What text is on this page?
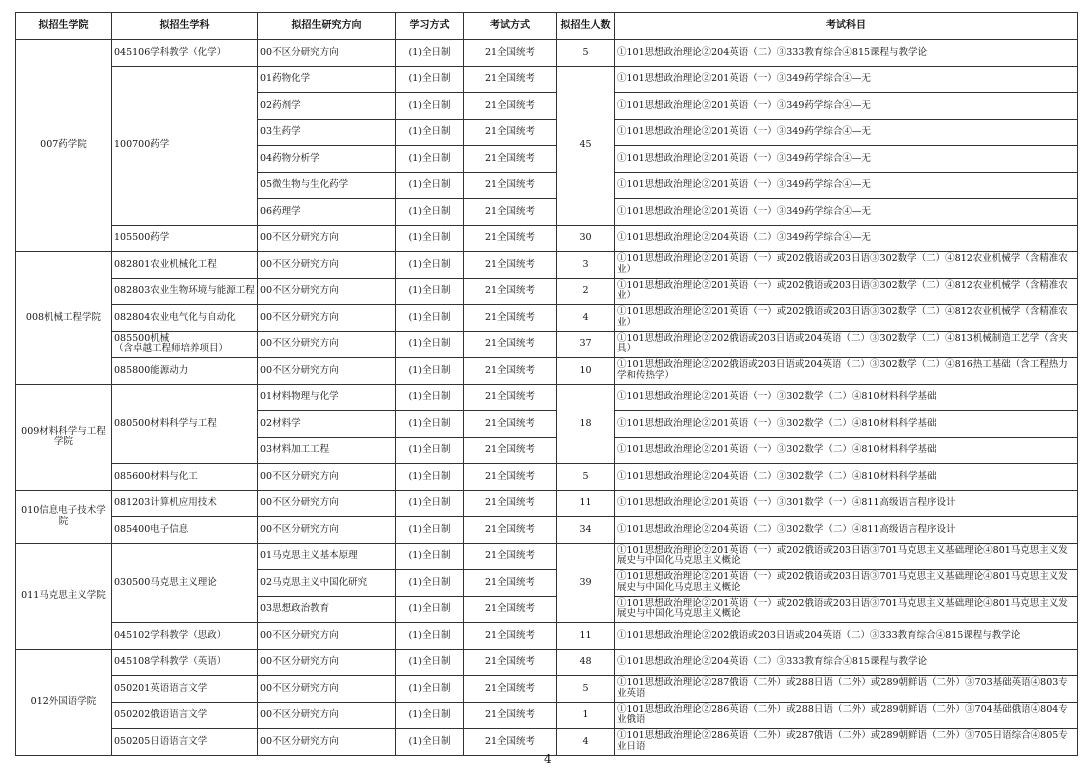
拟招生学院	拟招生学科	拟招生研究方向	学习方式	考试方式	拟招生人数	考试科目
007药学院	045106学科教学（化学）	00不区分研究方向	(1)全日制	21全国统考	5	①101思想政治理论②204英语（二）③333教育综合④815课程与教学论
	100700药学	01药物化学	(1)全日制	21全国统考	45	①101思想政治理论②201英语（一）③349药学综合④—无
		02药剂学	(1)全日制	21全国统考		①101思想政治理论②201英语（一）③349药学综合④—无
		03生药学	(1)全日制	21全国统考		①101思想政治理论②201英语（一）③349药学综合④—无
		04药物分析学	(1)全日制	21全国统考		①101思想政治理论②201英语（一）③349药学综合④—无
		05微生物与生化药学	(1)全日制	21全国统考		①101思想政治理论②201英语（一）③349药学综合④—无
		06药理学	(1)全日制	21全国统考		①101思想政治理论②201英语（一）③349药学综合④—无
	105500药学	00不区分研究方向	(1)全日制	21全国统考	30	①101思想政治理论②204英语（二）③349药学综合④—无
008机械工程学院	082801农业机械化工程	00不区分研究方向	(1)全日制	21全国统考	3	①101思想政治理论②201英语（一）或202俄语或203日语③302数学（二）④812农业机械学（含精准农业）
	082803农业生物环境与能源工程	00不区分研究方向	(1)全日制	21全国统考	2	①101思想政治理论②201英语（一）或202俄语或203日语③302数学（二）④812农业机械学（含精准农业）
	082804农业电气化与自动化	00不区分研究方向	(1)全日制	21全国统考	4	①101思想政治理论②201英语（一）或202俄语或203日语③302数学（二）④812农业机械学（含精准农业）
	085500机械
（含卓越工程师培养项目）	00不区分研究方向	(1)全日制	21全国统考	37	①101思想政治理论②202俄语或203日语或204英语（二）③302数学（二）④813机械制造工艺学（含夹具）
	085800能源动力	00不区分研究方向	(1)全日制	21全国统考	10	①101思想政治理论②202俄语或203日语或204英语（二）③302数学（二）④816热工基础（含工程热力学和传热学）
009材料科学与工程学院	080500材料科学与工程	01材料物理与化学	(1)全日制	21全国统考	18	①101思想政治理论②201英语（一）③302数学（二）④810材料科学基础
		02材料学	(1)全日制	21全国统考		①101思想政治理论②201英语（一）③302数学（二）④810材料科学基础
		03材料加工工程	(1)全日制	21全国统考		①101思想政治理论②201英语（一）③302数学（二）④810材料科学基础
	085600材料与化工	00不区分研究方向	(1)全日制	21全国统考	5	①101思想政治理论②204英语（二）③302数学（二）④810材料科学基础
010信息电子技术学院	081203计算机应用技术	00不区分研究方向	(1)全日制	21全国统考	11	①101思想政治理论②201英语（一）③301数学（一）④811高级语言程序设计
	085400电子信息	00不区分研究方向	(1)全日制	21全国统考	34	①101思想政治理论②204英语（二）③302数学（二）④811高级语言程序设计
011马克思主义学院	030500马克思主义理论	01马克思主义基本原理	(1)全日制	21全国统考	39	①101思想政治理论②201英语（一）或202俄语或203日语③701马克思主义基础理论④801马克思主义发展史与中国化马克思主义概论
		02马克思主义中国化研究	(1)全日制	21全国统考		①101思想政治理论②201英语（一）或202俄语或203日语③701马克思主义基础理论④801马克思主义发展史与中国化马克思主义概论
		03思想政治教育	(1)全日制	21全国统考		①101思想政治理论②201英语（一）或202俄语或203日语③701马克思主义基础理论④801马克思主义发展史与中国化马克思主义概论
	045102学科教学（思政）	00不区分研究方向	(1)全日制	21全国统考	11	①101思想政治理论②202俄语或203日语或204英语（二）③333教育综合④815课程与教学论
012外国语学院	045108学科教学（英语）	00不区分研究方向	(1)全日制	21全国统考	48	①101思想政治理论②204英语（二）③333教育综合④815课程与教学论
	050201英语语言文学	00不区分研究方向	(1)全日制	21全国统考	5	①101思想政治理论②287俄语（二外）或288日语（二外）或289朝鲜语（二外）③703基础英语④803专业英语
	050202俄语语言文学	00不区分研究方向	(1)全日制	21全国统考	1	①101思想政治理论②286英语（二外）或288日语（二外）或289朝鲜语（二外）③704基础俄语④804专业俄语
	050205日语语言文学	00不区分研究方向	(1)全日制	21全国统考	4	①101思想政治理论②286英语（二外）或287俄语（二外）或289朝鲜语（二外）③705日语综合④805专业日语
4
